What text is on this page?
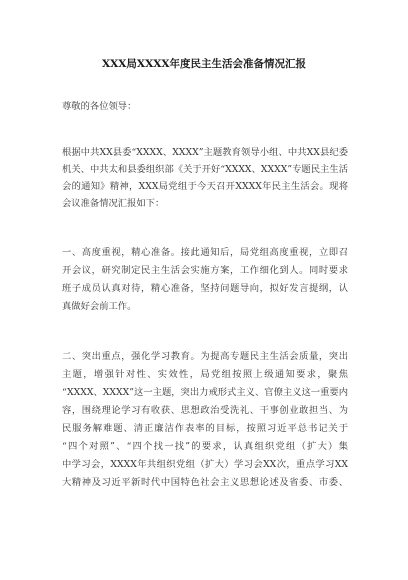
XXX局XXXX年度民主生活会准备情况汇报
尊敬的各位领导：
根据中共XX县委“XXXX、XXXX”主题教育领导小组、中共XX县纪委
机关、中共太和县委组织部《关于开好“XXXX、XXXX”专题民主生活
会的通知》精神，XXX局党组于今天召开XXXX年民主生活会。现将
会议准备情况汇报如下：
一、高度重视，精心准备。接此通知后，局党组高度重视，立即召
开会议，研究制定民主生活会实施方案，工作细化到人。同时要求
班子成员认真对待，精心准备，坚持问题导向，拟好发言提纲，认
真做好会前工作。
二、突出重点，强化学习教育。为提高专题民主生活会质量，突出
主题，增强针对性、实效性，局党组按照上级通知要求，聚焦
“XXXX、XXXX”这一主题，突出力戒形式主义、官僚主义这一重要内
容，围绕理论学习有收获、思想政治受洗礼、干事创业敢担当、为
民服务解难题、清正廉洁作表率的目标，按照习近平总书记关于
“四个对照”、“四个找一找”的要求，认真组织党组（扩大）集
中学习会，XXXX年共组织党组（扩大）学习会XX次，重点学习XX
大精神及习近平新时代中国特色社会主义思想论述及省委、市委、
